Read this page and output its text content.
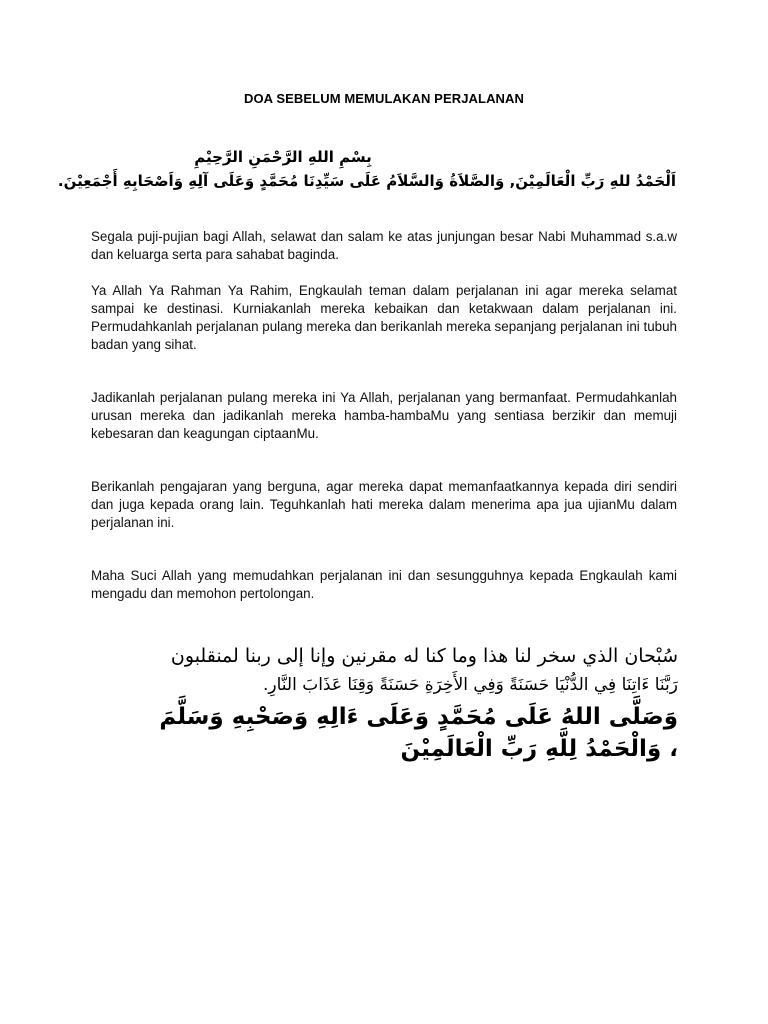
DOA SEBELUM MEMULAKAN PERJALANAN
بِسْمِ اللهِ الرَّحْمَنِ الرَّحِيْمِ
اَلْحَمْدُ للهِ رَبِّ الْعَالَمِيْنَ, وَالصَّلاَةُ وَالسَّلاَمُ عَلَى سَيِّدِنَا مُحَمَّدٍ وَعَلَى آلِهِ وَاَصْحَابِهِ أَجْمَعِيْنَ.

Segala puji-pujian bagi Allah, selawat dan salam ke atas junjungan besar Nabi Muhammad s.a.w dan keluarga serta para sahabat baginda.

Ya Allah Ya Rahman Ya Rahim, Engkaulah teman dalam perjalanan ini agar mereka selamat sampai ke destinasi. Kurniakanlah mereka kebaikan dan ketakwaan dalam perjalanan ini. Permudahkanlah perjalanan pulang mereka dan berikanlah mereka sepanjang perjalanan ini tubuh badan yang sihat.

Jadikanlah perjalanan pulang mereka ini Ya Allah, perjalanan yang bermanfaat. Permudahkanlah urusan mereka dan jadikanlah mereka hamba-hambaMu yang sentiasa berzikir dan memuji kebesaran dan keagungan ciptaanMu.

Berikanlah pengajaran yang berguna, agar mereka dapat memanfaatkannya kepada diri sendiri dan juga kepada orang lain. Teguhkanlah hati mereka dalam menerima apa jua ujianMu dalam perjalanan ini.

Maha Suci Allah yang memudahkan perjalanan ini dan sesungguhnya kepada Engkaulah kami mengadu dan memohon pertolongan.

سُبْحان الذي سخر لنا هذا وما كنا له مقرنين وإنا إلى ربنا لمنقلبون
رَبَّنَا ءَاتِنَا فِي الدُّنْيَا حَسَنَةً وَفِي الأَخِرَةِ حَسَنَةً وَقِنَا عَذَابَ النَّارِ.
وَصَلَّى اللهُ عَلَى مُحَمَّدٍ وَعَلَى ءَالِهِ وَصَحْبِهِ وَسَلَّمَ
، وَالْحَمْدُ لِلَّهِ رَبِّ الْعَالَمِيْنَ
